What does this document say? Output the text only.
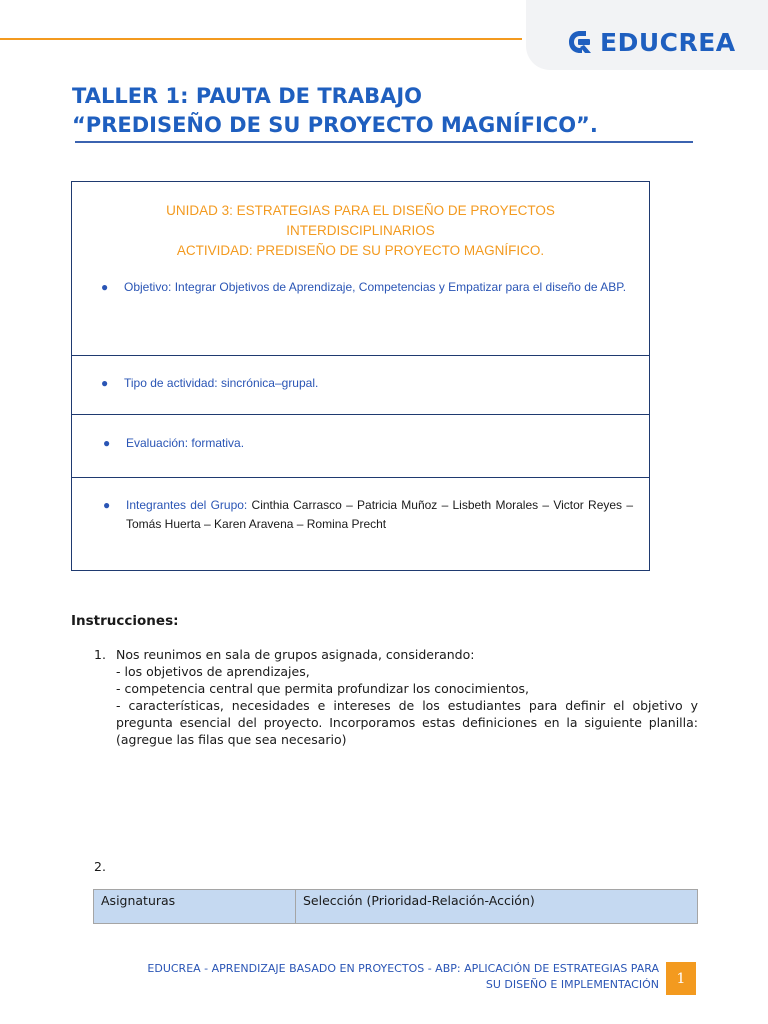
EDUCREA
TALLER 1: PAUTA DE TRABAJO
“PREDISEÑO DE SU PROYECTO MAGNÍFICO”.
UNIDAD 3: ESTRATEGIAS PARA EL DISEÑO DE PROYECTOS INTERDISCIPLINARIOS
ACTIVIDAD: PREDISEÑO DE SU PROYECTO MAGNÍFICO.
●	Objetivo: Integrar Objetivos de Aprendizaje, Competencias y Empatizar para el diseño de ABP.
●	Tipo de actividad: sincrónica–grupal.
●	Evaluación: formativa.
●	Integrantes del Grupo: Cinthia Carrasco – Patricia Muñoz – Lisbeth Morales – Victor Reyes – Tomás Huerta – Karen Aravena – Romina Precht
Instrucciones:
1. Nos reunimos en sala de grupos asignada, considerando:
- los objetivos de aprendizajes,
- competencia central que permita profundizar los conocimientos,
- características, necesidades e intereses de los estudiantes para definir el objetivo y pregunta esencial del proyecto. Incorporamos estas definiciones en la siguiente planilla: (agregue las filas que sea necesario)
2.
Asignaturas	Selección (Prioridad-Relación-Acción)
EDUCREA - APRENDIZAJE BASADO EN PROYECTOS - ABP: APLICACIÓN DE ESTRATEGIAS PARA
SU DISEÑO E IMPLEMENTACIÓN	1
